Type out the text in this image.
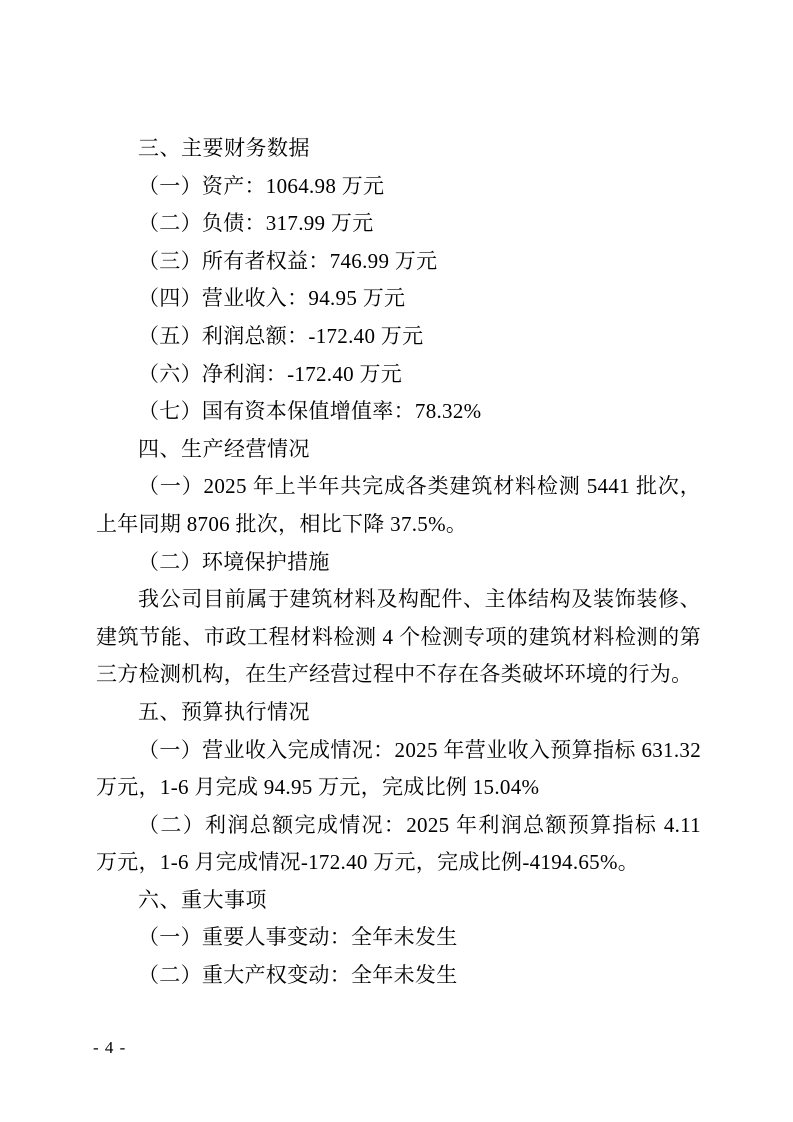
三、主要财务数据

（一）资产：1064.98 万元

（二）负债：317.99 万元

（三）所有者权益：746.99 万元

（四）营业收入：94.95 万元

（五）利润总额：-172.40 万元

（六）净利润：-172.40 万元

（七）国有资本保值增值率：78.32%

四、生产经营情况

（一）2025 年上半年共完成各类建筑材料检测 5441 批次，上年同期 8706 批次，相比下降 37.5%。

（二）环境保护措施

我公司目前属于建筑材料及构配件、主体结构及装饰装修、建筑节能、市政工程材料检测 4 个检测专项的建筑材料检测的第三方检测机构，在生产经营过程中不存在各类破坏环境的行为。

五、预算执行情况

（一）营业收入完成情况：2025 年营业收入预算指标 631.32 万元，1-6 月完成 94.95 万元，完成比例 15.04%

（二）利润总额完成情况：2025 年利润总额预算指标 4.11 万元，1-6 月完成情况-172.40 万元，完成比例-4194.65%。

六、重大事项

（一）重要人事变动：全年未发生

（二）重大产权变动：全年未发生

- 4 -
